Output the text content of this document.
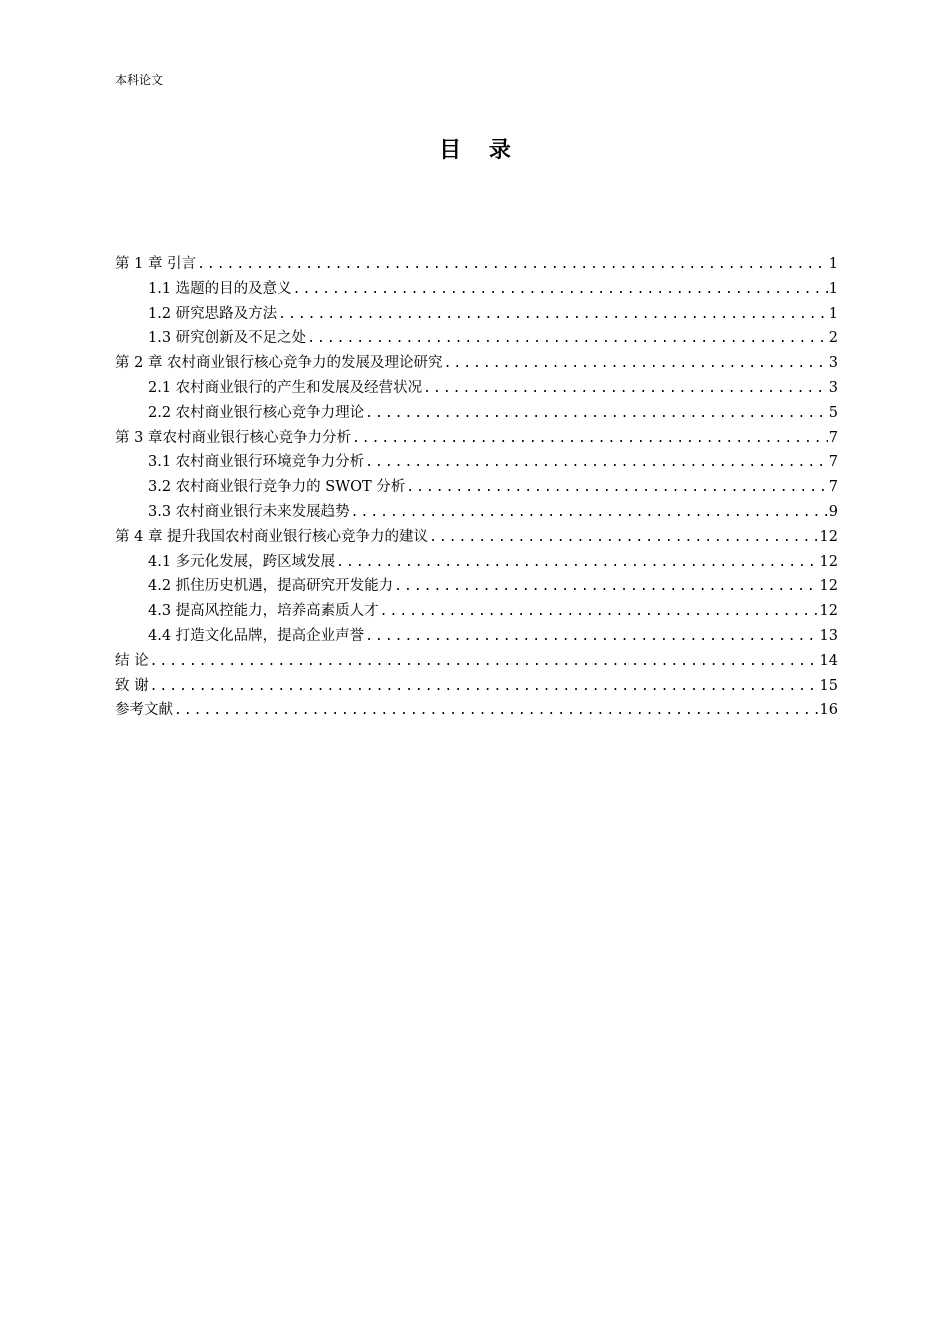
本科论文
目 录
第 1 章 引言 .....	1
1.1 选题的目的及意义 .....	1
1.2 研究思路及方法 .....	1
1.3 研究创新及不足之处 .....	2
第 2 章 农村商业银行核心竞争力的发展及理论研究 .....	3
2.1 农村商业银行的产生和发展及经营状况 .....	3
2.2 农村商业银行核心竞争力理论 .....	5
第 3 章农村商业银行核心竞争力分析 .....	7
3.1 农村商业银行环境竞争力分析 .....	7
3.2 农村商业银行竞争力的 SWOT 分析 .....	7
3.3 农村商业银行未来发展趋势 .....	9
第 4 章 提升我国农村商业银行核心竞争力的建议 .....	12
4.1 多元化发展，跨区域发展 .....	12
4.2 抓住历史机遇，提高研究开发能力 .....	12
4.3 提高风控能力，培养高素质人才 .....	12
4.4 打造文化品牌，提高企业声誉 .....	13
结 论 .....	14
致 谢 .....	15
参考文献 .....	16
